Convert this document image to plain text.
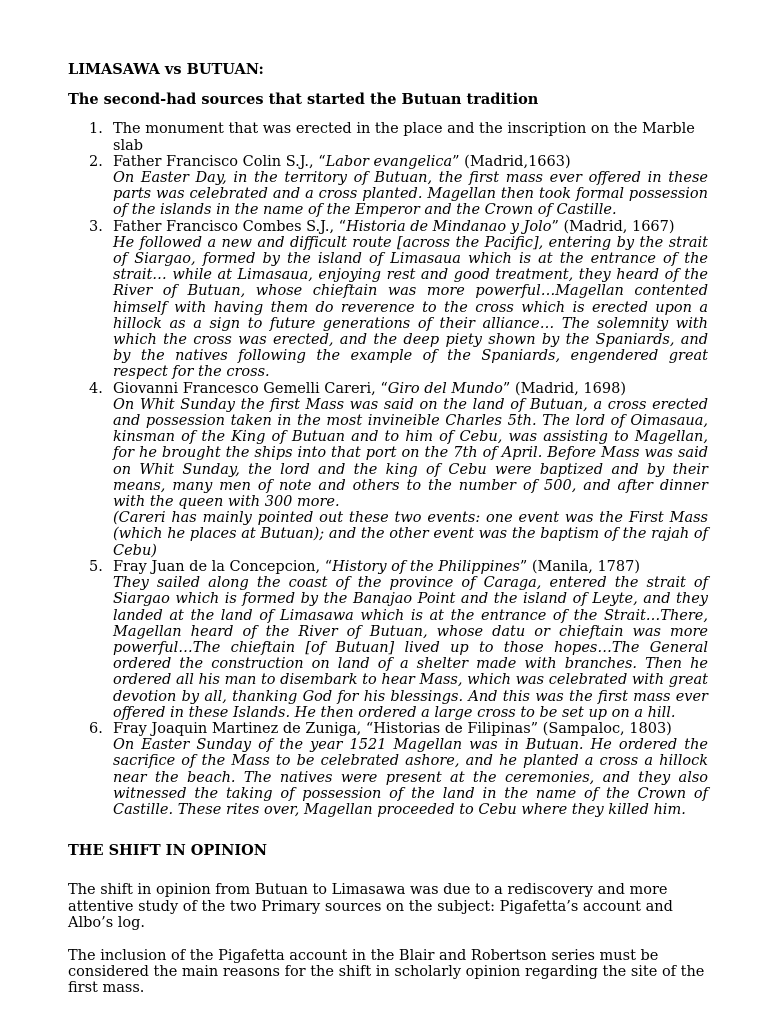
LIMASAWA vs BUTUAN:

The second-had sources that started the Butuan tradition

1. The monument that was erected in the place and the inscription on the Marble slab
2. Father Francisco Colin S.J., “Labor evangelica” (Madrid,1663)
On Easter Day, in the territory of Butuan, the first mass ever offered in these parts was celebrated and a cross planted. Magellan then took formal possession of the islands in the name of the Emperor and the Crown of Castille.
3. Father Francisco Combes S.J., “Historia de Mindanao y Jolo” (Madrid, 1667)
He followed a new and difficult route [across the Pacific], entering by the strait of Siargao, formed by the island of Limasaua which is at the entrance of the strait… while at Limasaua, enjoying rest and good treatment, they heard of the River of Butuan, whose chieftain was more powerful…Magellan contented himself with having them do reverence to the cross which is erected upon a hillock as a sign to future generations of their alliance… The solemnity with which the cross was erected, and the deep piety shown by the Spaniards, and by the natives following the example of the Spaniards, engendered great respect for the cross.
4. Giovanni Francesco Gemelli Careri, “Giro del Mundo” (Madrid, 1698)
On Whit Sunday the first Mass was said on the land of Butuan, a cross erected and possession taken in the most invineible Charles 5th. The lord of Oimasaua, kinsman of the King of Butuan and to him of Cebu, was assisting to Magellan, for he brought the ships into that port on the 7th of April. Before Mass was said on Whit Sunday, the lord and the king of Cebu were baptized and by their means, many men of note and others to the number of 500, and after dinner with the queen with 300 more.
(Careri has mainly pointed out these two events: one event was the First Mass (which he places at Butuan); and the other event was the baptism of the rajah of Cebu)
5. Fray Juan de la Concepcion, “History of the Philippines” (Manila, 1787)
They sailed along the coast of the province of Caraga, entered the strait of Siargao which is formed by the Banajao Point and the island of Leyte, and they landed at the land of Limasawa which is at the entrance of the Strait…There, Magellan heard of the River of Butuan, whose datu or chieftain was more powerful…The chieftain [of Butuan] lived up to those hopes…The General ordered the construction on land of a shelter made with branches. Then he ordered all his man to disembark to hear Mass, which was celebrated with great devotion by all, thanking God for his blessings. And this was the first mass ever offered in these Islands. He then ordered a large cross to be set up on a hill.
6. Fray Joaquin Martinez de Zuniga, “Historias de Filipinas” (Sampaloc, 1803)
On Easter Sunday of the year 1521 Magellan was in Butuan. He ordered the sacrifice of the Mass to be celebrated ashore, and he planted a cross a hillock near the beach. The natives were present at the ceremonies, and they also witnessed the taking of possession of the land in the name of the Crown of Castille. These rites over, Magellan proceeded to Cebu where they killed him.

THE SHIFT IN OPINION

The shift in opinion from Butuan to Limasawa was due to a rediscovery and more attentive study of the two Primary sources on the subject: Pigafetta’s account and Albo’s log.

The inclusion of the Pigafetta account in the Blair and Robertson series must be considered the main reasons for the shift in scholarly opinion regarding the site of the first mass.
